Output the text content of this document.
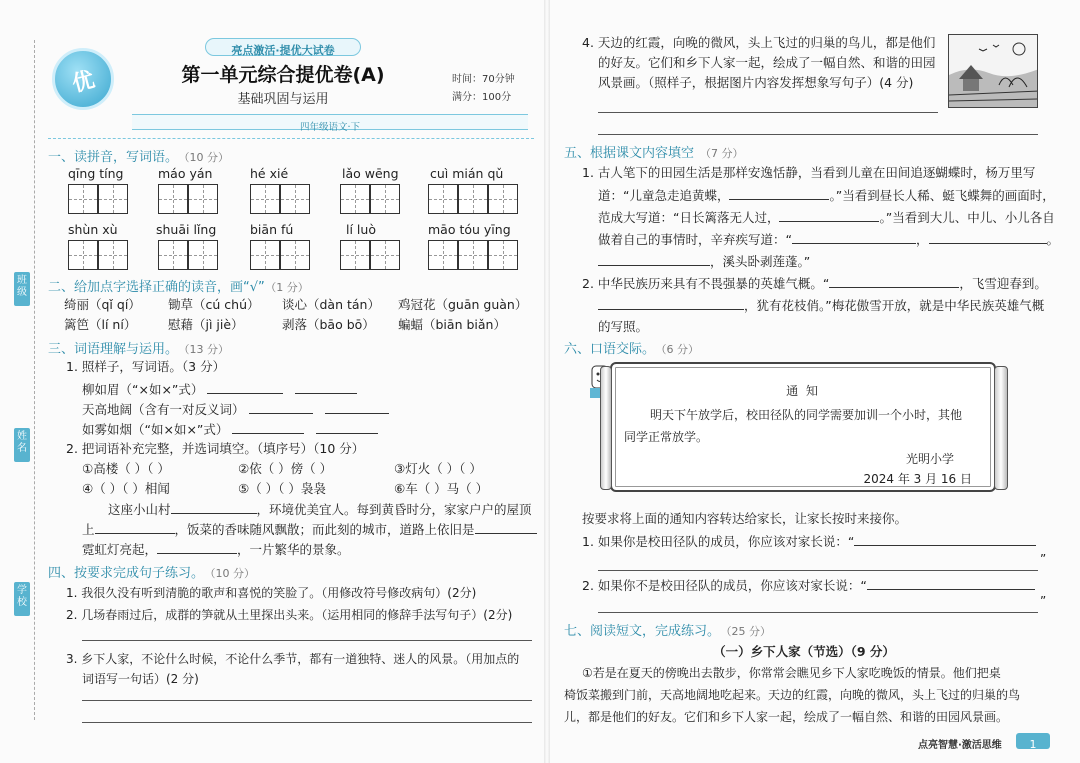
班级
姓名
学校
优
亮点激活·提优大试卷
第一单元综合提优卷(A)
基础巩固与运用
时间：70分钟
满分：100分
四年级语文·下
一、读拼音，写词语。 （10 分）
qīng tíng	máo yán	hé xié	lǎo wēng	cuì mián qǔ
shùn xù	shuāi lǐng	biān fú	lí luò	māo tóu yīng
二、给加点字选择正确的读音，画“√” （1 分）
绮丽（qǐ qí） 锄草（cú chú） 谈心（dàn tán） 鸡冠花（guān guàn）
篱笆（lí ní）	慰藉（jì jiè）	剥落（bāo bō） 蝙蝠（biān biǎn）
三、词语理解与运用。 （13 分）
1. 照样子，写词语。（3 分）
柳如眉（“×如×”式）
天高地阔（含有一对反义词）
如雾如烟（“如×如×”式）
2. 把词语补充完整，并选词填空。（填序号）（10 分）
①高楼（ ）（ ）	②依（ ）傍（ ）	③灯火（ ）（ ）
④（ ）（ ）相闻	⑤（ ）（ ）袅袅	⑥车（ ）马（ ）
这座小山村	，环境优美宜人。每到黄昏时分，家家户户的屋顶
上	，饭菜的香味随风飘散；而此刻的城市，道路上依旧是
霓虹灯亮起，	，一片繁华的景象。
四、按要求完成句子练习。 （10 分）
1. 我很久没有听到清脆的歌声和喜悦的笑脸了。（用修改符号修改病句）(2分)
2. 几场春雨过后，成群的笋就从土里探出头来。（运用相同的修辞手法写句子）(2分)
3. 乡下人家，不论什么时候，不论什么季节，都有一道独特、迷人的风景。（用加点的
词语写一句话）(2 分)
4. 天边的红霞，向晚的微风，头上飞过的归巢的鸟儿，都是他们
的好友。它们和乡下人家一起，绘成了一幅自然、和谐的田园
风景画。（照样子，根据图片内容发挥想象写句子）(4 分)
五、根据课文内容填空 （7 分）
1. 古人笔下的田园生活是那样安逸恬静，当看到儿童在田间追逐蝴蝶时，杨万里写
道：“儿童急走追黄蝶，	。”当看到昼长人稀、蜓飞蝶舞的画面时，
范成大写道：“日长篱落无人过，	。”当看到大儿、中儿、小儿各自
做着自己的事情时，辛弃疾写道：“	，	。
，溪头卧剥莲蓬。”
2. 中华民族历来具有不畏强暴的英雄气概。“	，飞雪迎春到。
，犹有花枝俏。”梅花傲雪开放，就是中华民族英雄气概
的写照。
六、口语交际。 （6 分）
通 知
明天下午放学后，校田径队的同学需要加训一个小时，其他
同学正常放学。
光明小学
2024 年 3 月 16 日
按要求将上面的通知内容转达给家长，让家长按时来接你。
1. 如果你是校田径队的成员，你应该对家长说：“
”
2. 如果你不是校田径队的成员，你应该对家长说：“
”
七、阅读短文，完成练习。 （25 分）
（一）乡下人家（节选）（9 分）
①若是在夏天的傍晚出去散步，你常常会瞧见乡下人家吃晚饭的情景。他们把桌
椅饭菜搬到门前，天高地阔地吃起来。天边的红霞，向晚的微风，头上飞过的归巢的鸟
儿，都是他们的好友。它们和乡下人家一起，绘成了一幅自然、和谐的田园风景画。
点亮智慧·激活思维	1
